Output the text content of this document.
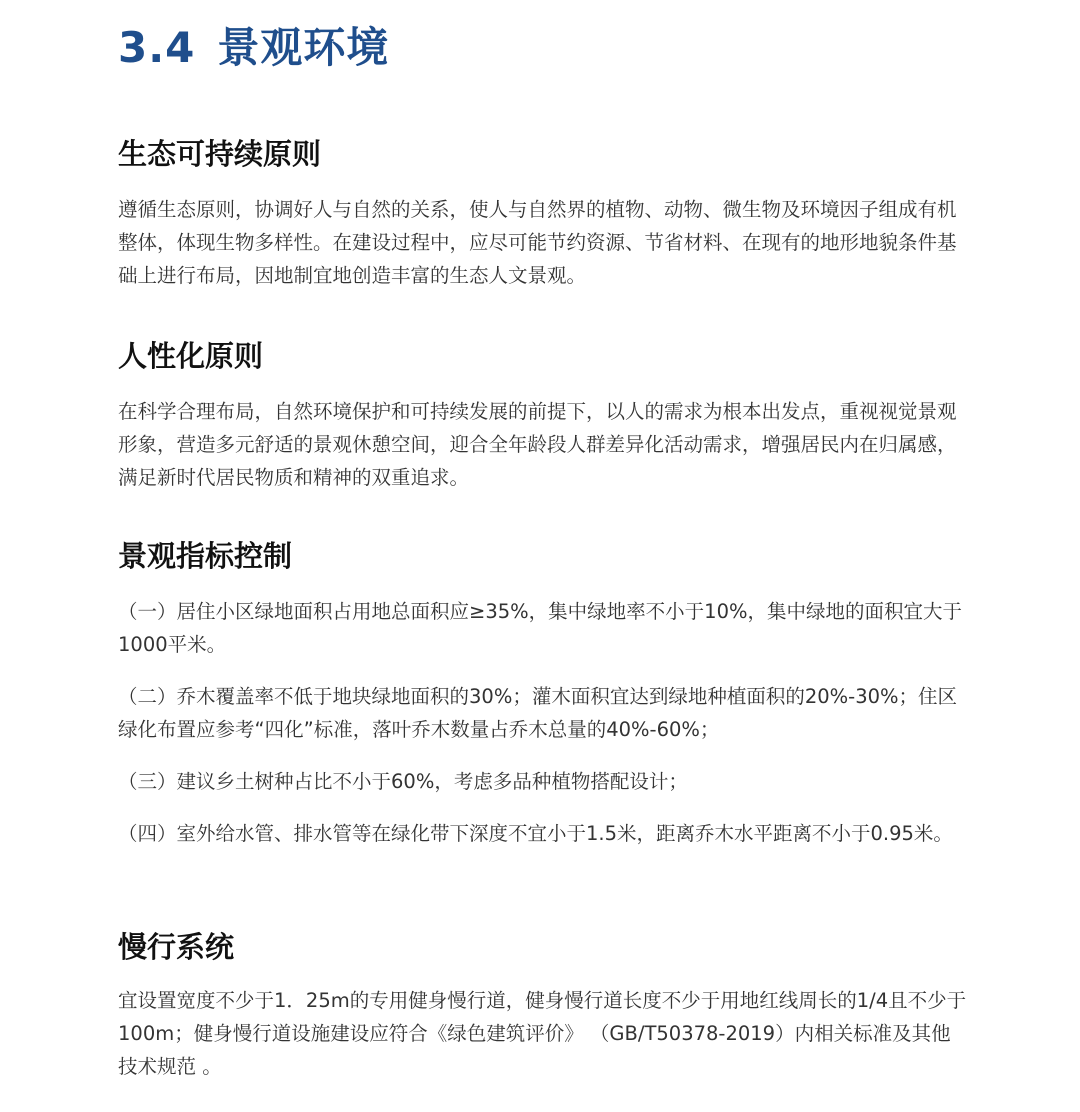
3.4 景观环境
生态可持续原则

遵循生态原则，协调好人与自然的关系，使人与自然界的植物、动物、微生物及环境因子组成有机整体，体现生物多样性。在建设过程中，应尽可能节约资源、节省材料、在现有的地形地貌条件基础上进行布局，因地制宜地创造丰富的生态人文景观。

人性化原则

在科学合理布局，自然环境保护和可持续发展的前提下，以人的需求为根本出发点，重视视觉景观形象，营造多元舒适的景观休憩空间，迎合全年龄段人群差异化活动需求，增强居民内在归属感，满足新时代居民物质和精神的双重追求。

景观指标控制

（一）居住小区绿地面积占用地总面积应≥35%，集中绿地率不小于10%，集中绿地的面积宜大于1000平米。

（二）乔木覆盖率不低于地块绿地面积的30%；灌木面积宜达到绿地种植面积的20%-30%；住区绿化布置应参考“四化”标准，落叶乔木数量占乔木总量的40%-60%；

（三）建议乡土树种占比不小于60%，考虑多品种植物搭配设计；

（四）室外给水管、排水管等在绿化带下深度不宜小于1.5米，距离乔木水平距离不小于0.95米。

慢行系统

宜设置宽度不少于1．25m的专用健身慢行道，健身慢行道长度不少于用地红线周长的1/4且不少于100m；健身慢行道设施建设应符合《绿色建筑评价》 （GB/T50378-2019）内相关标准及其他技术规范 。
